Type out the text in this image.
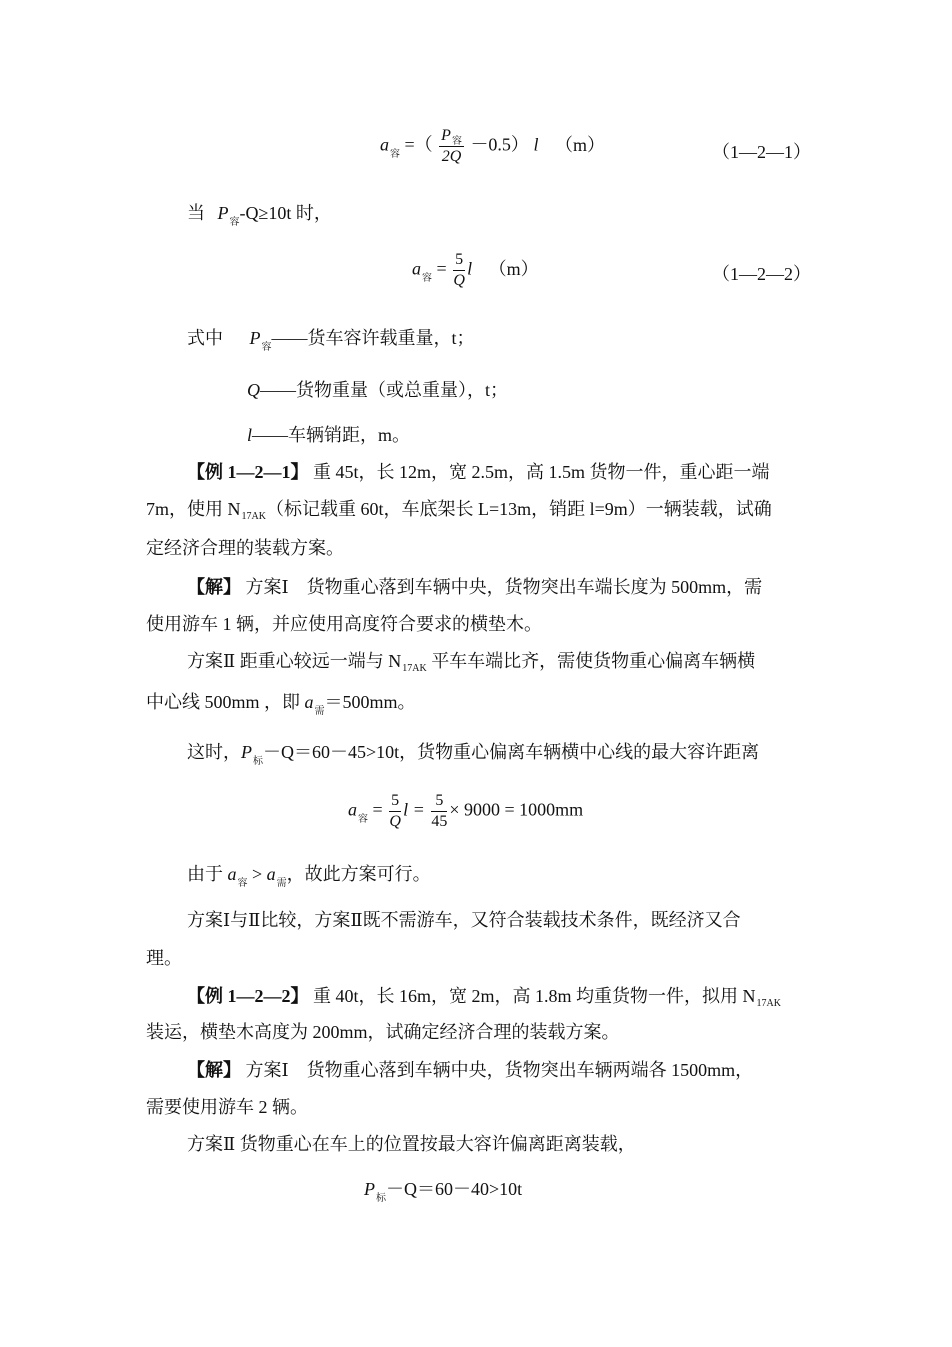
$a_容$ =（ $\frac{P_容}{2Q} -0.5$） l （m）	（1—2—1）
当 $P_容-Q\ge 10t$ 时，
$a_容 = \frac{5}{Q}$ l （m）	（1—2—2）
式中 $P_容——$货车容许载重量，t；
Q——货物重量（或总重量），t；
l——车辆销距，m。
【例 1—2—1】 重 45t，长 12m，宽 2.5m，高 1.5m 货物一件，重心距一端
7m，使用 $N_{17AK}$（标记载重 60t，车底架长 L=13m，销距 l=9m）一辆装载，试确
定经济合理的装载方案。
【解】 方案Ⅰ　货物重心落到车辆中央，货物突出车端长度为 500mm，需
使用游车 1 辆，并应使用高度符合要求的横垫木。
方案Ⅱ 距重心较远一端与 $N_{17AK}$ 平车车端比齐，需使货物重心偏离车辆横
中心线 500mm ，即 $a_需=500mm$。
这时，$P_标-Q=60-45>10t$，货物重心偏离车辆横中心线的最大容许距离
$a_容 = \frac{5}{Q}$ $l = \frac{5}{45} \times 9000 = 1000mm$
由于 $a_容 > a_需$，故此方案可行。
方案Ⅰ与Ⅱ比较，方案Ⅱ既不需游车，又符合装载技术条件，既经济又合
理。
【例 1—2—2】 重 40t，长 16m，宽 2m，高 1.8m 均重货物一件，拟用 $N_{17AK}$
装运，横垫木高度为 200mm，试确定经济合理的装载方案。
【解】 方案Ⅰ　货物重心落到车辆中央，货物突出车辆两端各 1500mm，
需要使用游车 2 辆。
方案Ⅱ 货物重心在车上的位置按最大容许偏离距离装载，
$P_标-Q=60-40>10t$
